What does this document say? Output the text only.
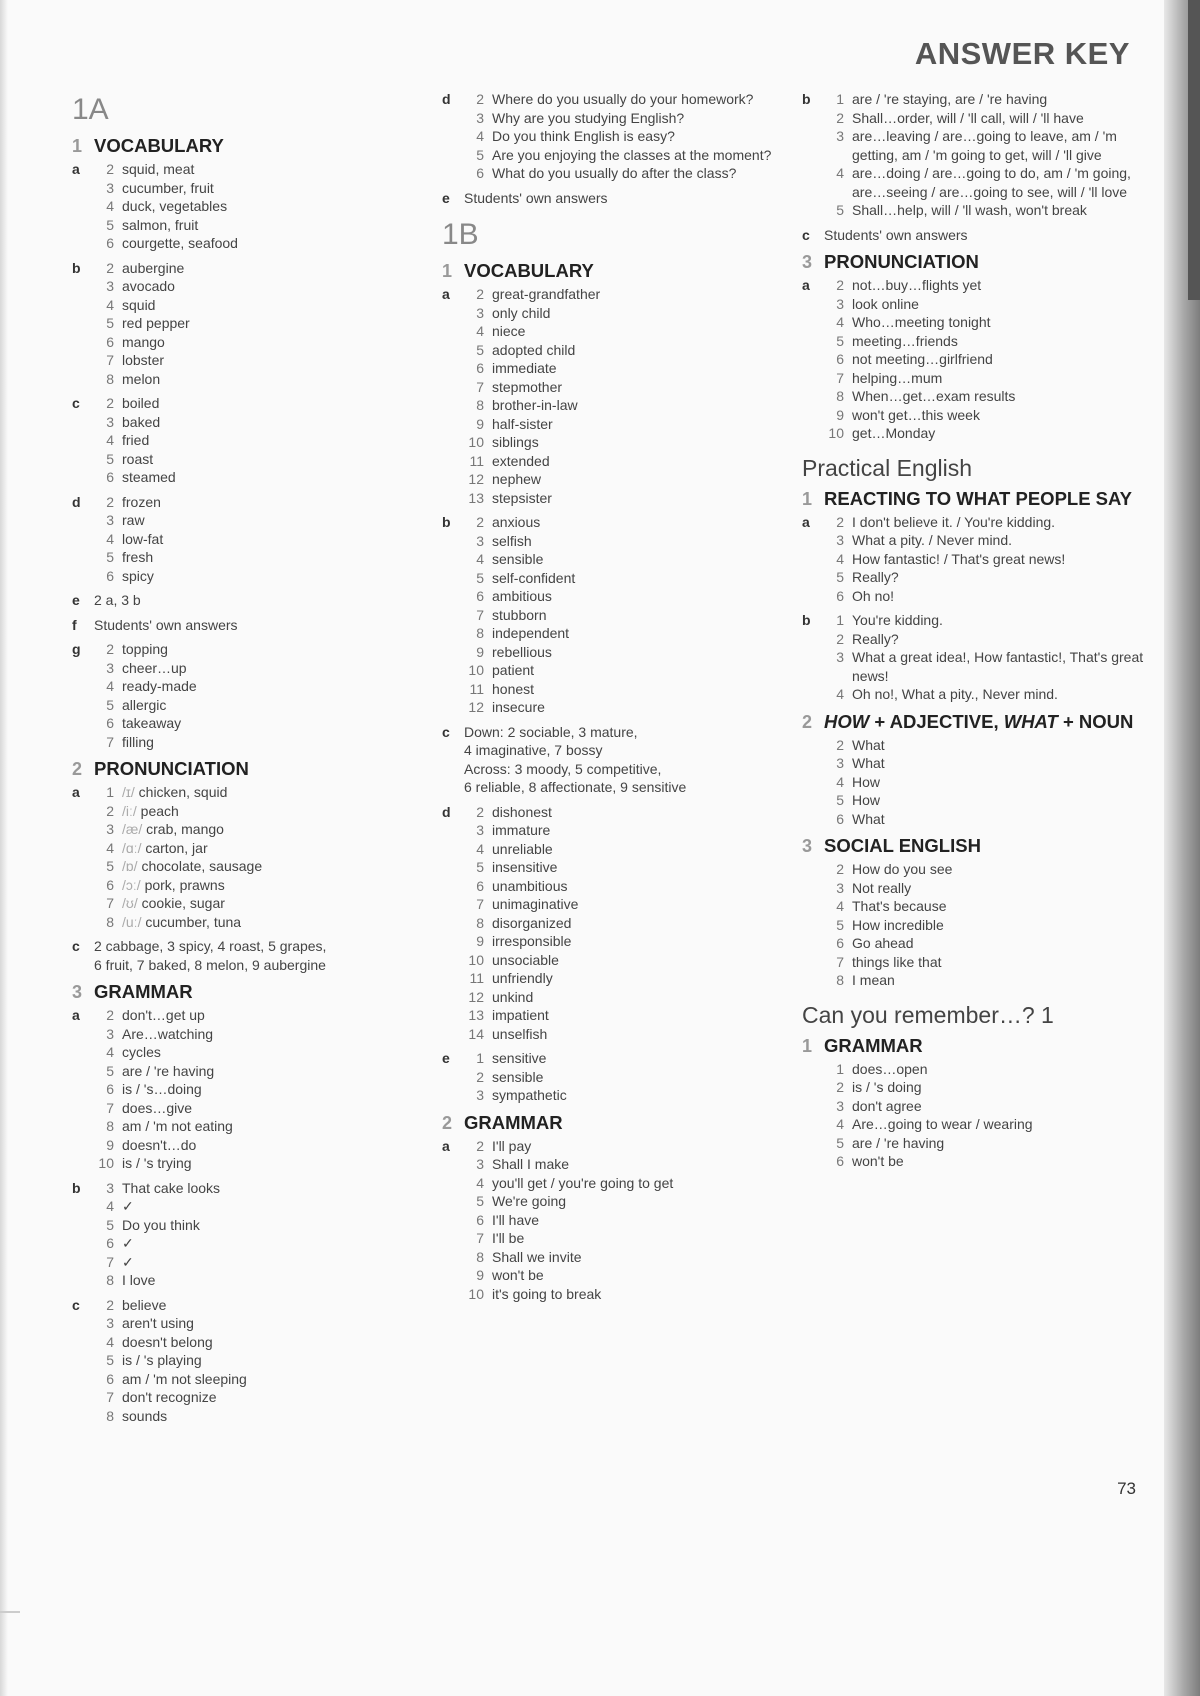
ANSWER KEY
1A
1 VOCABULARY
a	2 squid, meat
3 cucumber, fruit
4 duck, vegetables
5 salmon, fruit
6 courgette, seafood
b	2 aubergine
3 avocado
4 squid
5 red pepper
6 mango
7 lobster
8 melon
c	2 boiled
3 baked
4 fried
5 roast
6 steamed
d	2 frozen
3 raw
4 low-fat
5 fresh
6 spicy
e	2 a, 3 b
f	Students' own answers
g	2 topping
3 cheer…up
4 ready-made
5 allergic
6 takeaway
7 filling
2 PRONUNCIATION
a	1 /ɪ/ chicken, squid
2 /iː/ peach
3 /æ/ crab, mango
4 /ɑː/ carton, jar
5 /ɒ/ chocolate, sausage
6 /ɔː/ pork, prawns
7 /ʊ/ cookie, sugar
8 /uː/ cucumber, tuna
c	2 cabbage, 3 spicy, 4 roast, 5 grapes,
6 fruit, 7 baked, 8 melon, 9 aubergine
3 GRAMMAR
a	2 don't…get up
3 Are…watching
4 cycles
5 are / 're having
6 is / 's…doing
7 does…give
8 am / 'm not eating
9 doesn't…do
10 is / 's trying
b	3 That cake looks
4 ✓
5 Do you think
6 ✓
7 ✓
8 I love
c	2 believe
3 aren't using
4 doesn't belong
5 is / 's playing
6 am / 'm not sleeping
7 don't recognize
8 sounds
d	2 Where do you usually do your homework?
3 Why are you studying English?
4 Do you think English is easy?
5 Are you enjoying the classes at the moment?
6 What do you usually do after the class?
e	Students' own answers
1B
1 VOCABULARY
a	2 great-grandfather
3 only child
4 niece
5 adopted child
6 immediate
7 stepmother
8 brother-in-law
9 half-sister
10 siblings
11 extended
12 nephew
13 stepsister
b	2 anxious
3 selfish
4 sensible
5 self-confident
6 ambitious
7 stubborn
8 independent
9 rebellious
10 patient
11 honest
12 insecure
c	Down: 2 sociable, 3 mature,
4 imaginative, 7 bossy
Across: 3 moody, 5 competitive,
6 reliable, 8 affectionate, 9 sensitive
d	2 dishonest
3 immature
4 unreliable
5 insensitive
6 unambitious
7 unimaginative
8 disorganized
9 irresponsible
10 unsociable
11 unfriendly
12 unkind
13 impatient
14 unselfish
e	1 sensitive
2 sensible
3 sympathetic
2 GRAMMAR
a	2 I'll pay
3 Shall I make
4 you'll get / you're going to get
5 We're going
6 I'll have
7 I'll be
8 Shall we invite
9 won't be
10 it's going to break
b	1 are / 're staying, are / 're having
2 Shall…order, will / 'll call, will / 'll have
3 are…leaving / are…going to leave, am / 'm getting, am / 'm going to get, will / 'll give
4 are…doing / are…going to do, am / 'm going, are…seeing / are…going to see, will / 'll love
5 Shall…help, will / 'll wash, won't break
c	Students' own answers
3 PRONUNCIATION
a	2 not…buy…flights yet
3 look online
4 Who…meeting tonight
5 meeting…friends
6 not meeting…girlfriend
7 helping…mum
8 When…get…exam results
9 won't get…this week
10 get…Monday
Practical English
1 REACTING TO WHAT PEOPLE SAY
a	2 I don't believe it. / You're kidding.
3 What a pity. / Never mind.
4 How fantastic! / That's great news!
5 Really?
6 Oh no!
b	1 You're kidding.
2 Really?
3 What a great idea!, How fantastic!, That's great news!
4 Oh no!, What a pity., Never mind.
2 HOW + ADJECTIVE, WHAT + NOUN
2 What
3 What
4 How
5 How
6 What
3 SOCIAL ENGLISH
2 How do you see
3 Not really
4 That's because
5 How incredible
6 Go ahead
7 things like that
8 I mean
Can you remember…? 1
1 GRAMMAR
1 does…open
2 is / 's doing
3 don't agree
4 Are…going to wear / wearing
5 are / 're having
6 won't be
73
